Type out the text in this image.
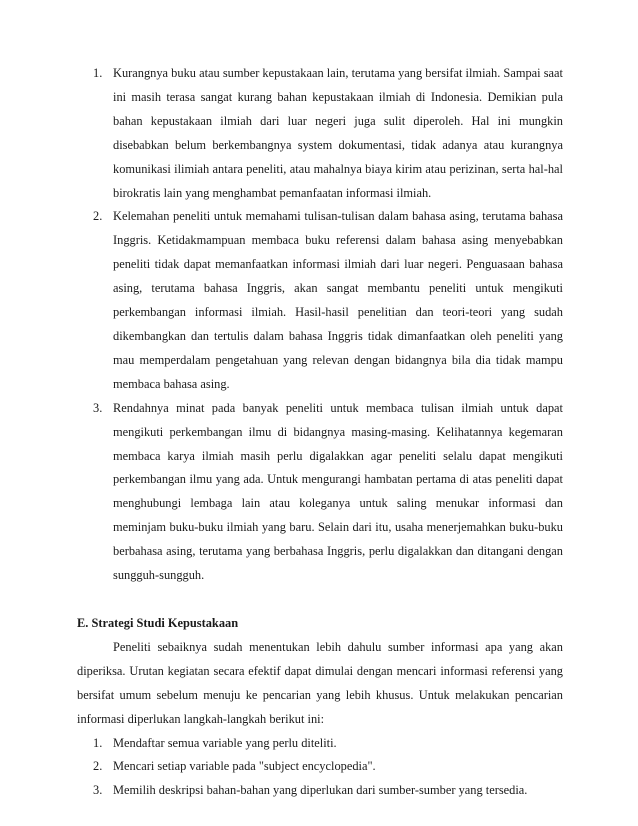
1. Kurangnya buku atau sumber kepustakaan lain, terutama yang bersifat ilmiah. Sampai saat ini masih terasa sangat kurang bahan kepustakaan ilmiah di Indonesia. Demikian pula bahan kepustakaan ilmiah dari luar negeri juga sulit diperoleh. Hal ini mungkin disebabkan belum berkembangnya system dokumentasi, tidak adanya atau kurangnya komunikasi ilimiah antara peneliti, atau mahalnya biaya kirim atau perizinan, serta hal-hal birokratis lain yang menghambat pemanfaatan informasi ilmiah.

2. Kelemahan peneliti untuk memahami tulisan-tulisan dalam bahasa asing, terutama bahasa Inggris. Ketidakmampuan membaca buku referensi dalam bahasa asing menyebabkan peneliti tidak dapat memanfaatkan informasi ilmiah dari luar negeri. Penguasaan bahasa asing, terutama bahasa Inggris, akan sangat membantu peneliti untuk mengikuti perkembangan informasi ilmiah. Hasil-hasil penelitian dan teori-teori yang sudah dikembangkan dan tertulis dalam bahasa Inggris tidak dimanfaatkan oleh peneliti yang mau memperdalam pengetahuan yang relevan dengan bidangnya bila dia tidak mampu membaca bahasa asing.

3. Rendahnya minat pada banyak peneliti untuk membaca tulisan ilmiah untuk dapat mengikuti perkembangan ilmu di bidangnya masing-masing. Kelihatannya kegemaran membaca karya ilmiah masih perlu digalakkan agar peneliti selalu dapat mengikuti perkembangan ilmu yang ada. Untuk mengurangi hambatan pertama di atas peneliti dapat menghubungi lembaga lain atau koleganya untuk saling menukar informasi dan meminjam buku-buku ilmiah yang baru. Selain dari itu, usaha menerjemahkan buku-buku berbahasa asing, terutama yang berbahasa Inggris, perlu digalakkan dan ditangani dengan sungguh-sungguh.

E. Strategi Studi Kepustakaan

Peneliti sebaiknya sudah menentukan lebih dahulu sumber informasi apa yang akan diperiksa. Urutan kegiatan secara efektif dapat dimulai dengan mencari informasi referensi yang bersifat umum sebelum menuju ke pencarian yang lebih khusus. Untuk melakukan pencarian informasi diperlukan langkah-langkah berikut ini:

1. Mendaftar semua variable yang perlu diteliti.

2. Mencari setiap variable pada "subject encyclopedia".

3. Memilih deskripsi bahan-bahan yang diperlukan dari sumber-sumber yang tersedia.
